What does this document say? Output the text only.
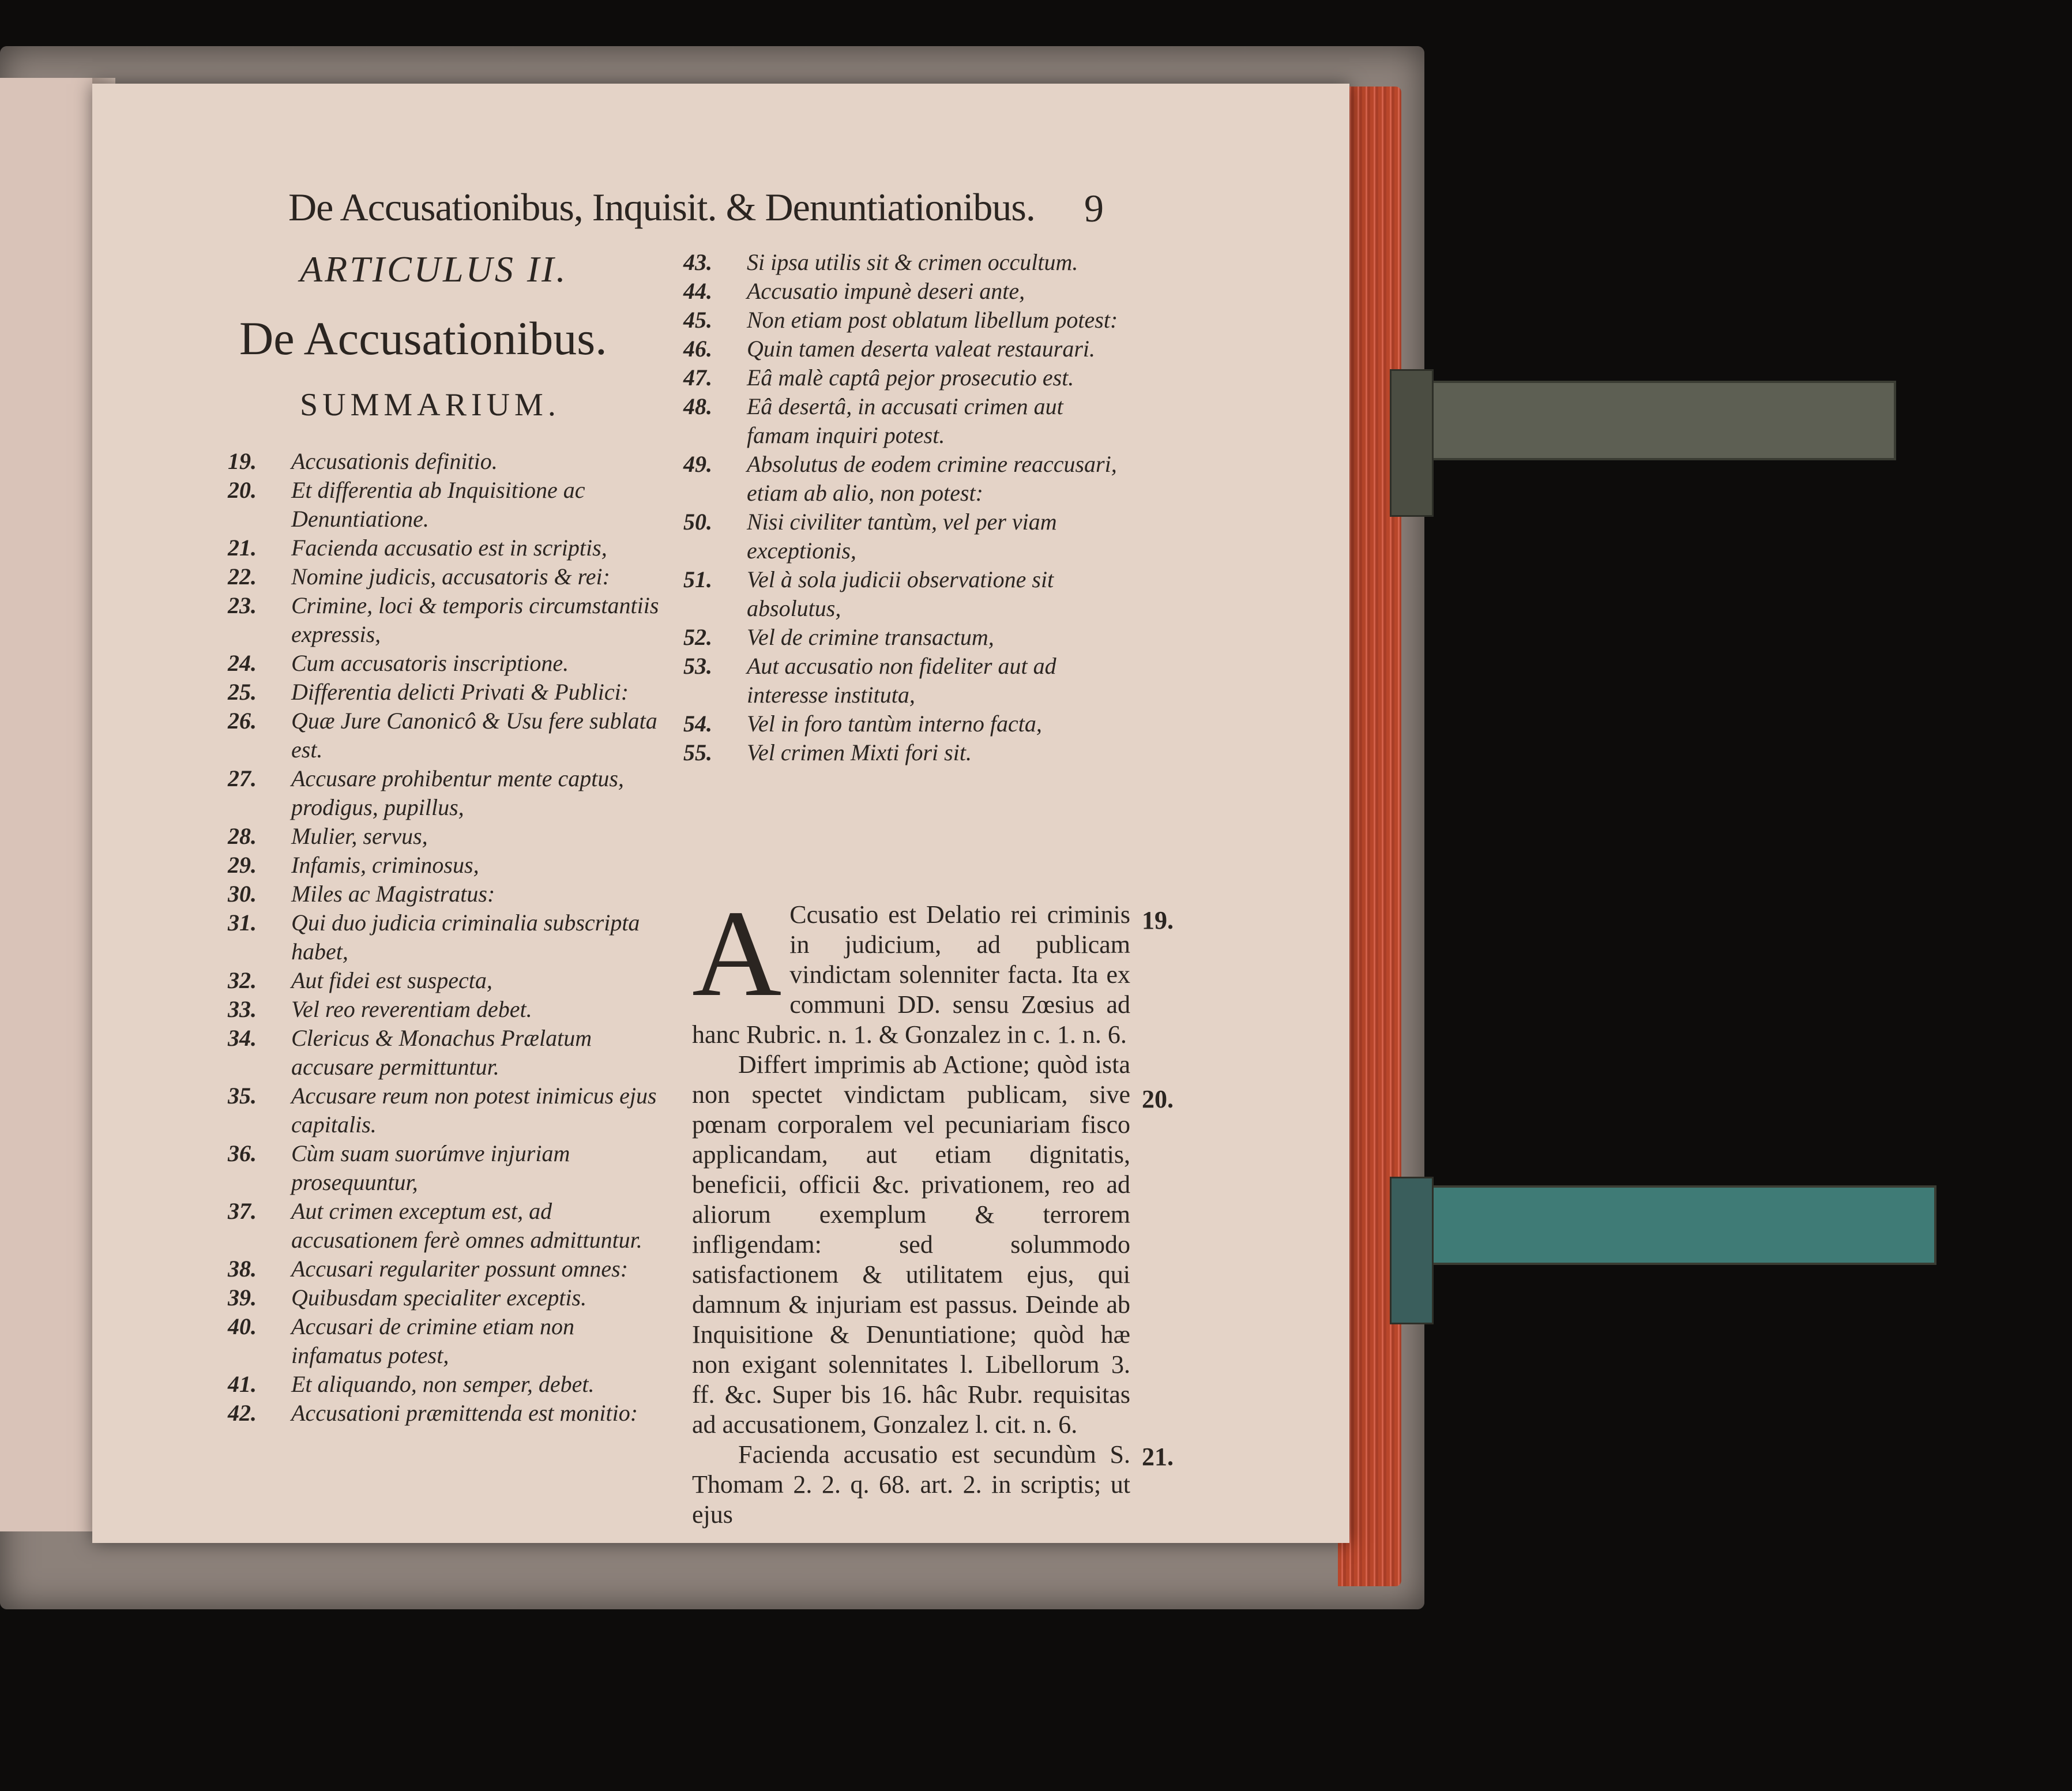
De Accusationibus, Inquisit. & Denuntiationibus.	9
ARTICULUS II.
De Accusationibus.
SUMMARIUM.
19.	Accusationis definitio.
20.	Et differentia ab Inquisitione ac Denuntiatione.
21.	Facienda accusatio est in scriptis,
22.	Nomine judicis, accusatoris & rei:
23.	Crimine, loci & temporis circumstantiis expressis,
24.	Cum accusatoris inscriptione.
25.	Differentia delicti Privati & Publici:
26.	Quæ Jure Canonicô & Usu fere sublata est.
27.	Accusare prohibentur mente captus, prodigus, pupillus,
28.	Mulier, servus,
29.	Infamis, criminosus,
30.	Miles ac Magistratus:
31.	Qui duo judicia criminalia subscripta habet,
32.	Aut fidei est suspecta,
33.	Vel reo reverentiam debet.
34.	Clericus & Monachus Prælatum accusare permittuntur.
35.	Accusare reum non potest inimicus ejus capitalis.
36.	Cùm suam suorúmve injuriam prosequuntur,
37.	Aut crimen exceptum est, ad accusationem ferè omnes admittuntur.
38.	Accusari regulariter possunt omnes:
39.	Quibusdam specialiter exceptis.
40.	Accusari de crimine etiam non infamatus potest,
41.	Et aliquando, non semper, debet.
42.	Accusationi præmittenda est monitio:
43.	Si ipsa utilis sit & crimen occultum.
44.	Accusatio impunè deseri ante,
45.	Non etiam post oblatum libellum potest:
46.	Quin tamen deserta valeat restaurari.
47.	Eâ malè captâ pejor prosecutio est.
48.	Eâ desertâ, in accusati crimen aut famam inquiri potest.
49.	Absolutus de eodem crimine reaccusari, etiam ab alio, non potest:
50.	Nisi civiliter tantùm, vel per viam exceptionis,
51.	Vel à sola judicii observatione sit absolutus,
52.	Vel de crimine transactum,
53.	Aut accusatio non fideliter aut ad interesse instituta,
54.	Vel in foro tantùm interno facta,
55.	Vel crimen Mixti fori sit.
A Ccusatio est Delatio rei criminis in judicium, ad publicam vindictam solenniter facta. Ita ex communi DD. sensu Zœsius ad hanc Rubric. n. 1. & Gonzalez in c. 1. n. 6.

Differt imprimis ab Actione; quòd ista non spectet vindictam publicam, sive pœnam corporalem vel pecuniariam fisco applicandam, aut etiam dignitatis, beneficii, officii &c. privationem, reo ad aliorum exemplum & terrorem infligendam: sed solummodo satisfactionem & utilitatem ejus, qui damnum & injuriam est passus. Deinde ab Inquisitione & Denuntiatione; quòd hæ non exigant solennitates l. Libellorum 3. ff. &c. Super bis 16. hâc Rubr. requisitas ad accusationem, Gonzalez l. cit. n. 6.

Facienda accusatio est secundùm S. Thomam 2. 2. q. 68. art. 2. in scriptis; ut ejus

19.
20.
21.
